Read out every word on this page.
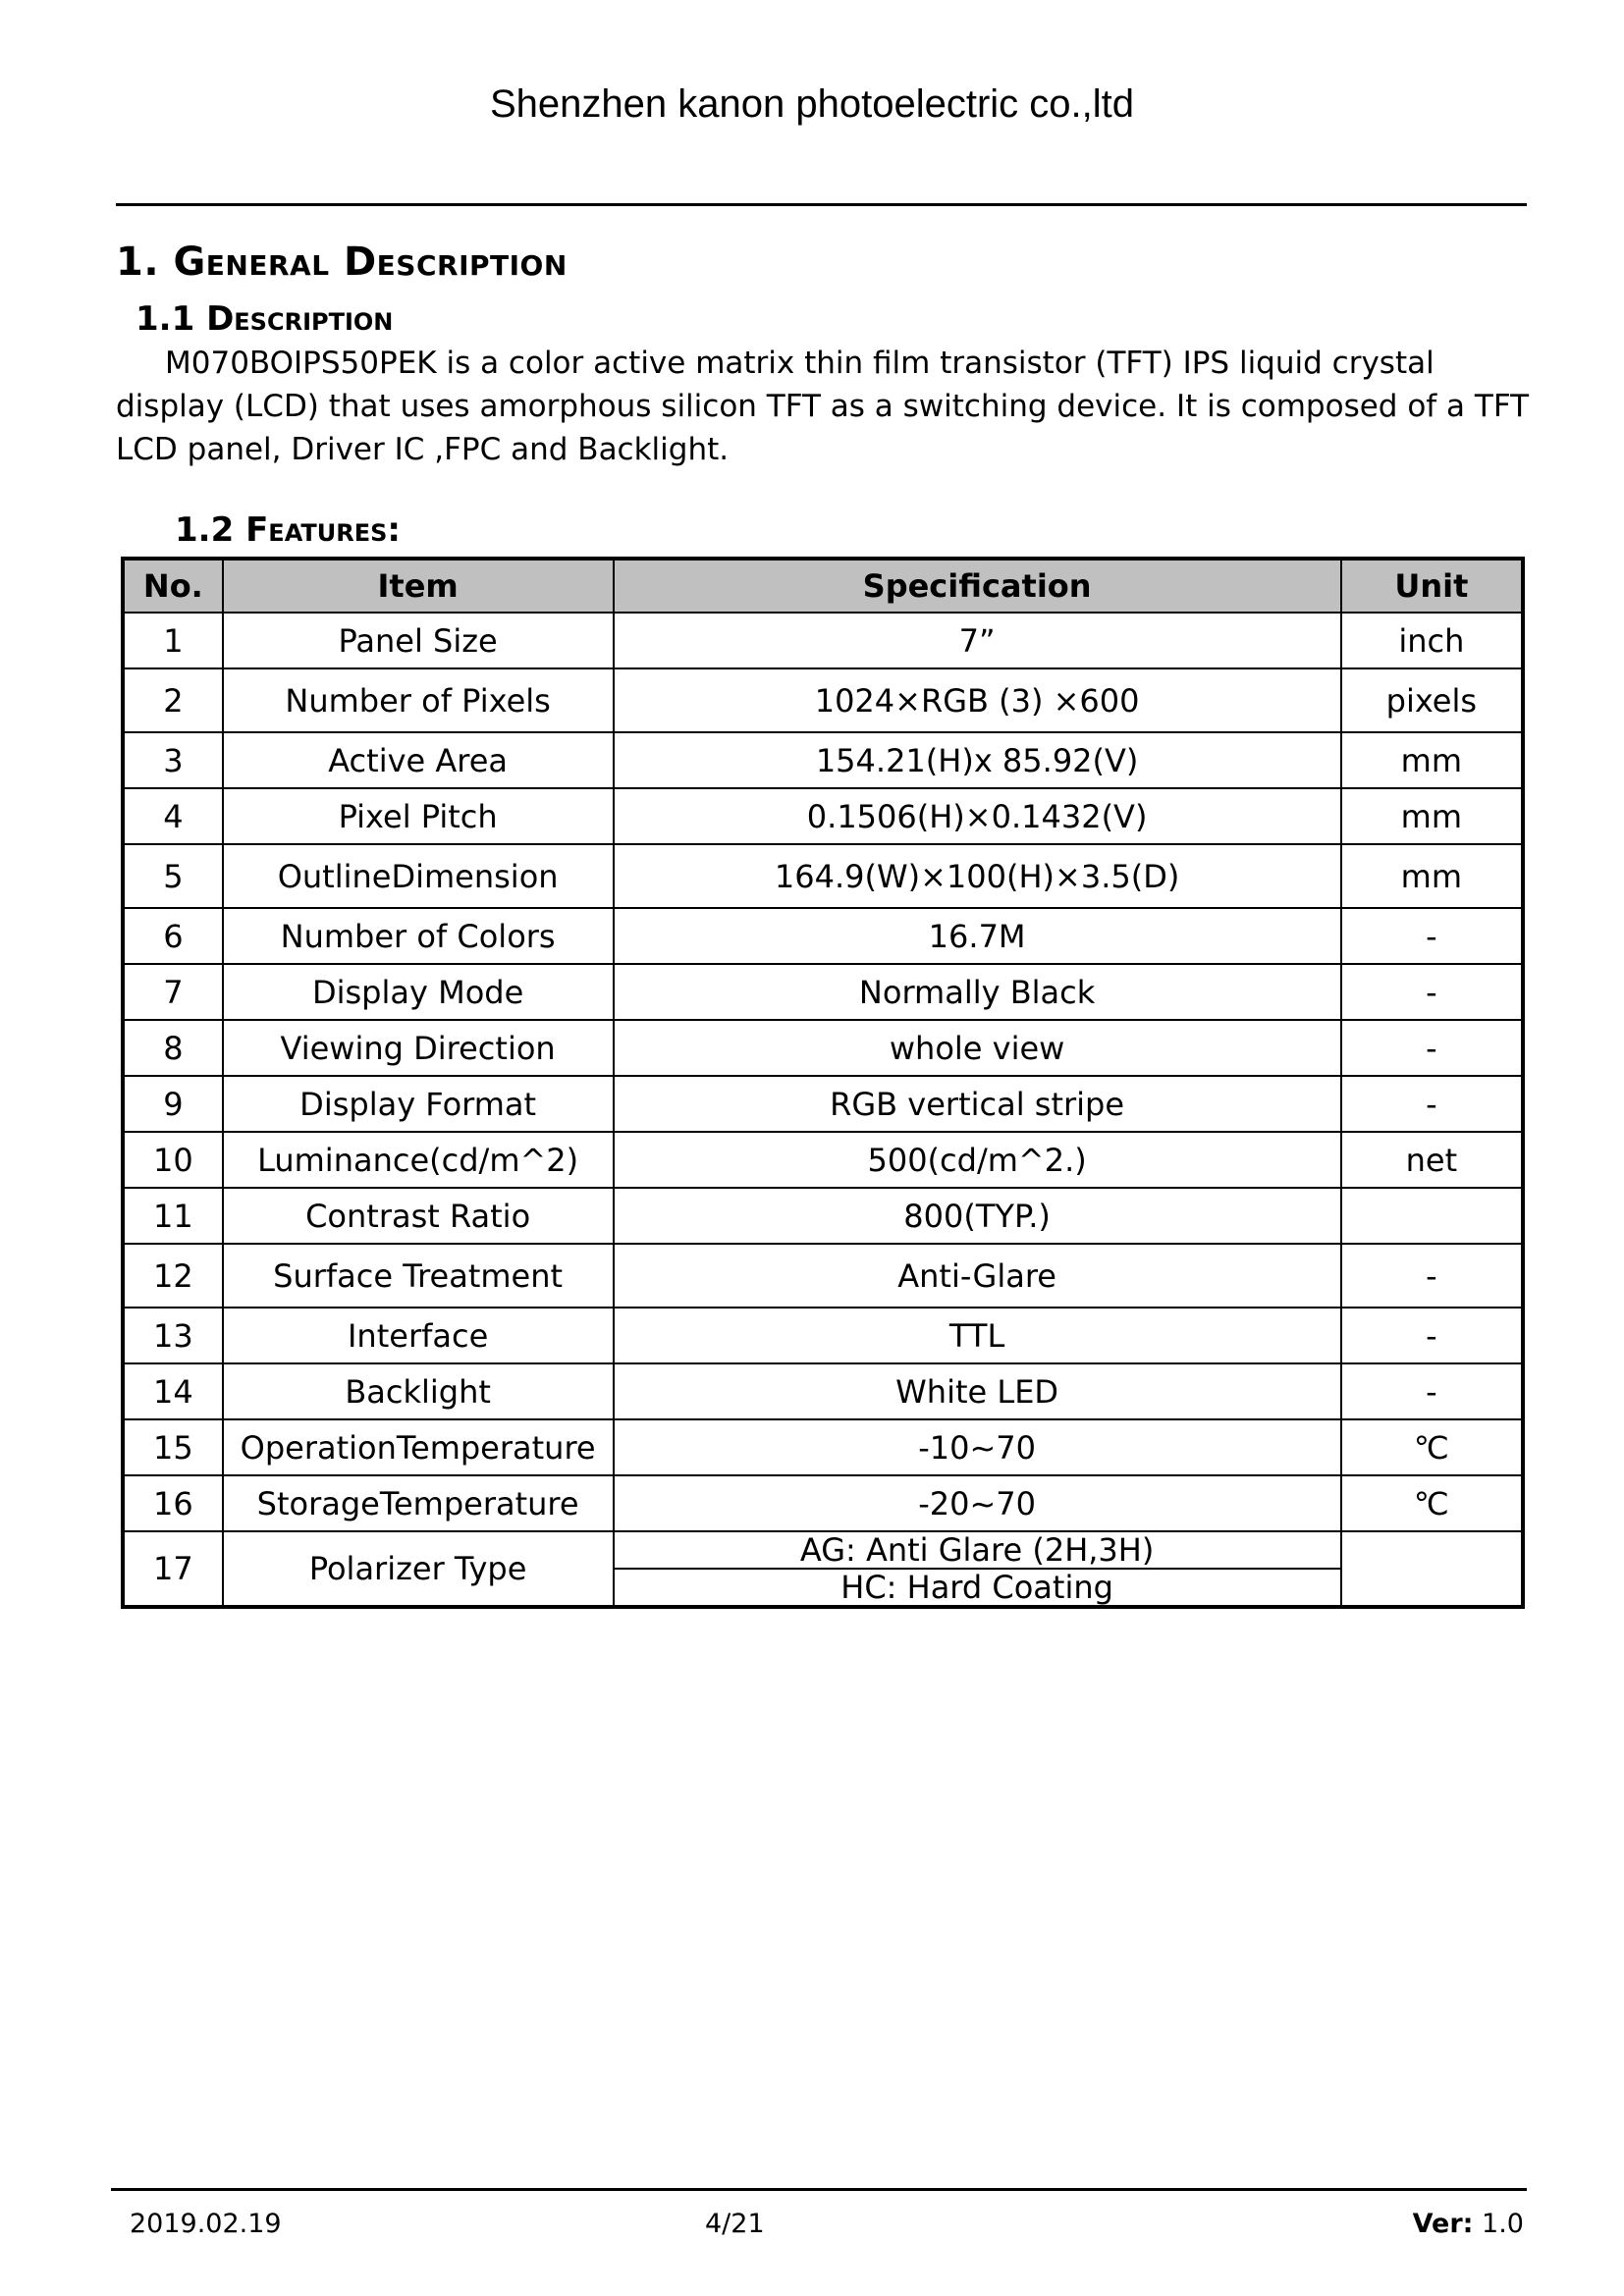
Shenzhen kanon photoelectric co.,ltd
1. General Description
1.1 Description
M070BOIPS50PEK is a color active matrix thin film transistor (TFT) IPS liquid crystal
display (LCD) that uses amorphous silicon TFT as a switching device. It is composed of a TFT
LCD panel, Driver IC ,FPC and Backlight.
1.2 Features:
No.	Item	Specification	Unit
1	Panel Size	7”	inch
2	Number of Pixels	1024×RGB (3) ×600	pixels
3	Active Area	154.21(H)x 85.92(V)	mm
4	Pixel Pitch	0.1506(H)×0.1432(V)	mm
5	OutlineDimension	164.9(W)×100(H)×3.5(D)	mm
6	Number of Colors	16.7M	-
7	Display Mode	Normally Black	-
8	Viewing Direction	whole view	-
9	Display Format	RGB vertical stripe	-
10	Luminance(cd/m^2)	500(cd/m^2.)	net
11	Contrast Ratio	800(TYP.)	
12	Surface Treatment	Anti-Glare	-
13	Interface	TTL	-
14	Backlight	White LED	-
15	OperationTemperature	-10~70	℃
16	StorageTemperature	-20~70	℃
17	Polarizer Type	AG: Anti Glare (2H,3H)	
		HC: Hard Coating	
2019.02.19	4/21	Ver: 1.0
